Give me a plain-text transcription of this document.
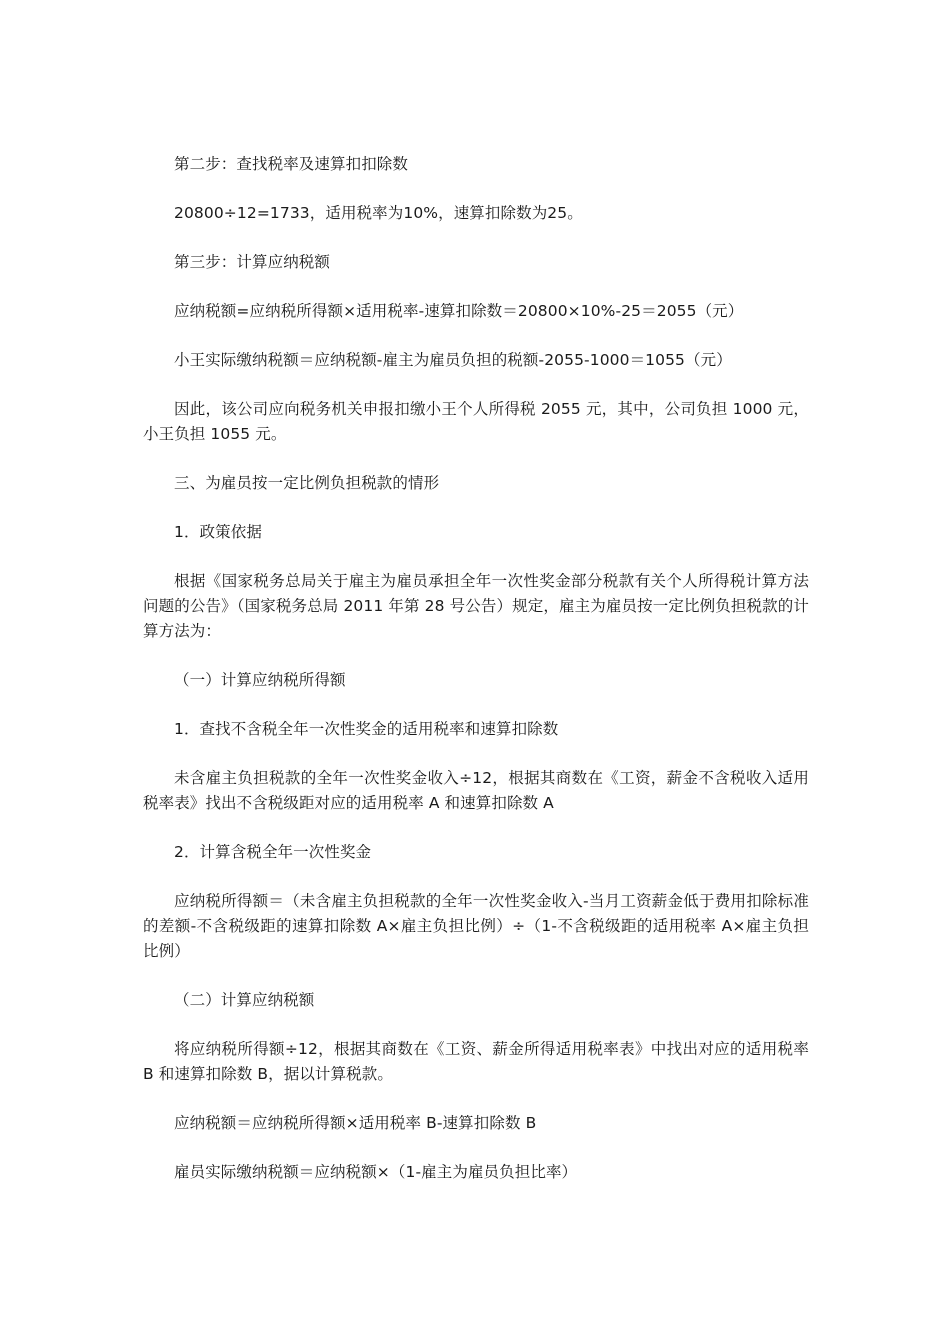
第二步：查找税率及速算扣扣除数

20800÷12=1733，适用税率为10%，速算扣除数为25。

第三步：计算应纳税额

应纳税额=应纳税所得额×适用税率-速算扣除数＝20800×10%-25＝2055（元）

小王实际缴纳税额＝应纳税额-雇主为雇员负担的税额-2055-1000＝1055（元）

因此，该公司应向税务机关申报扣缴小王个人所得税 2055 元，其中，公司负担 1000 元，小王负担 1055 元。

三、为雇员按一定比例负担税款的情形

1．政策依据

根据《国家税务总局关于雇主为雇员承担全年一次性奖金部分税款有关个人所得税计算方法问题的公告》（国家税务总局 2011 年第 28 号公告）规定，雇主为雇员按一定比例负担税款的计算方法为：

（一）计算应纳税所得额

1．查找不含税全年一次性奖金的适用税率和速算扣除数

未含雇主负担税款的全年一次性奖金收入÷12，根据其商数在《工资，薪金不含税收入适用税率表》找出不含税级距对应的适用税率 A 和速算扣除数 A

2．计算含税全年一次性奖金

应纳税所得额＝（未含雇主负担税款的全年一次性奖金收入-当月工资薪金低于费用扣除标准的差额-不含税级距的速算扣除数 A×雇主负担比例）÷（1-不含税级距的适用税率 A×雇主负担比例）

（二）计算应纳税额

将应纳税所得额÷12，根据其商数在《工资、薪金所得适用税率表》中找出对应的适用税率 B 和速算扣除数 B，据以计算税款。

应纳税额＝应纳税所得额×适用税率 B-速算扣除数 B

雇员实际缴纳税额＝应纳税额×（1-雇主为雇员负担比率）
